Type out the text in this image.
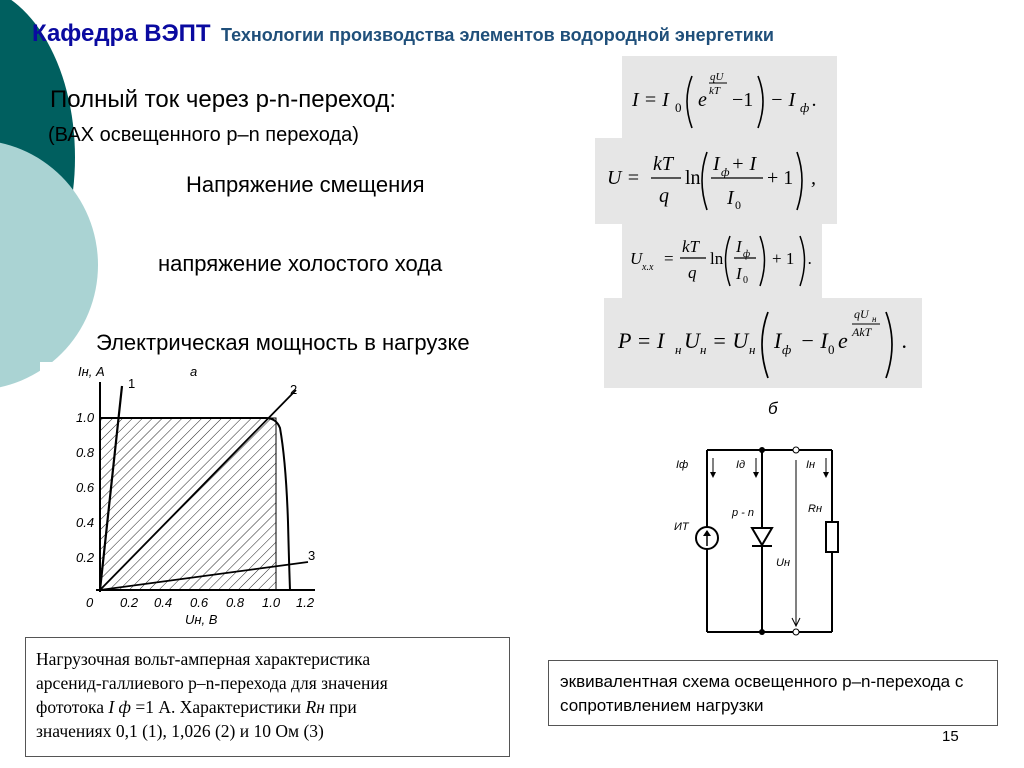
Кафедра ВЭПТ Технологии производства элементов водородной энергетики
Полный ток через p-n-переход:
(ВАХ освещенного p–n перехода)
Напряжение смещения
напряжение холостого хода
Электрическая мощность в нагрузке
I = I 0 e
qU
kT −1 − I ф .
U =
kT
q
ln
I ф + I
I 0
+ 1 ,
U x.x =
kT
q
ln
I ф
I 0
+ 1 .
P = I н U н = U н I ф − I 0 e
qU н
AkT .
Iн, A	a
1	2
3
1.0
0.8
0.6
0.4
0.2
0 0.2 0.4 0.6 0.8 1.0 1.2
Uн, В
б
Iф	Iд	Iн
ИТ
p - n	Rн
Uн
Нагрузочная вольт-амперная характеристика
арсенид-галлиевого p–n-перехода для значения
фототока I ф =1 А. Характеристики Rн при
значениях 0,1 (1), 1,026 (2) и 10 Ом (3)
эквивалентная схема освещенного p–n-перехода с сопротивлением нагрузки
15
